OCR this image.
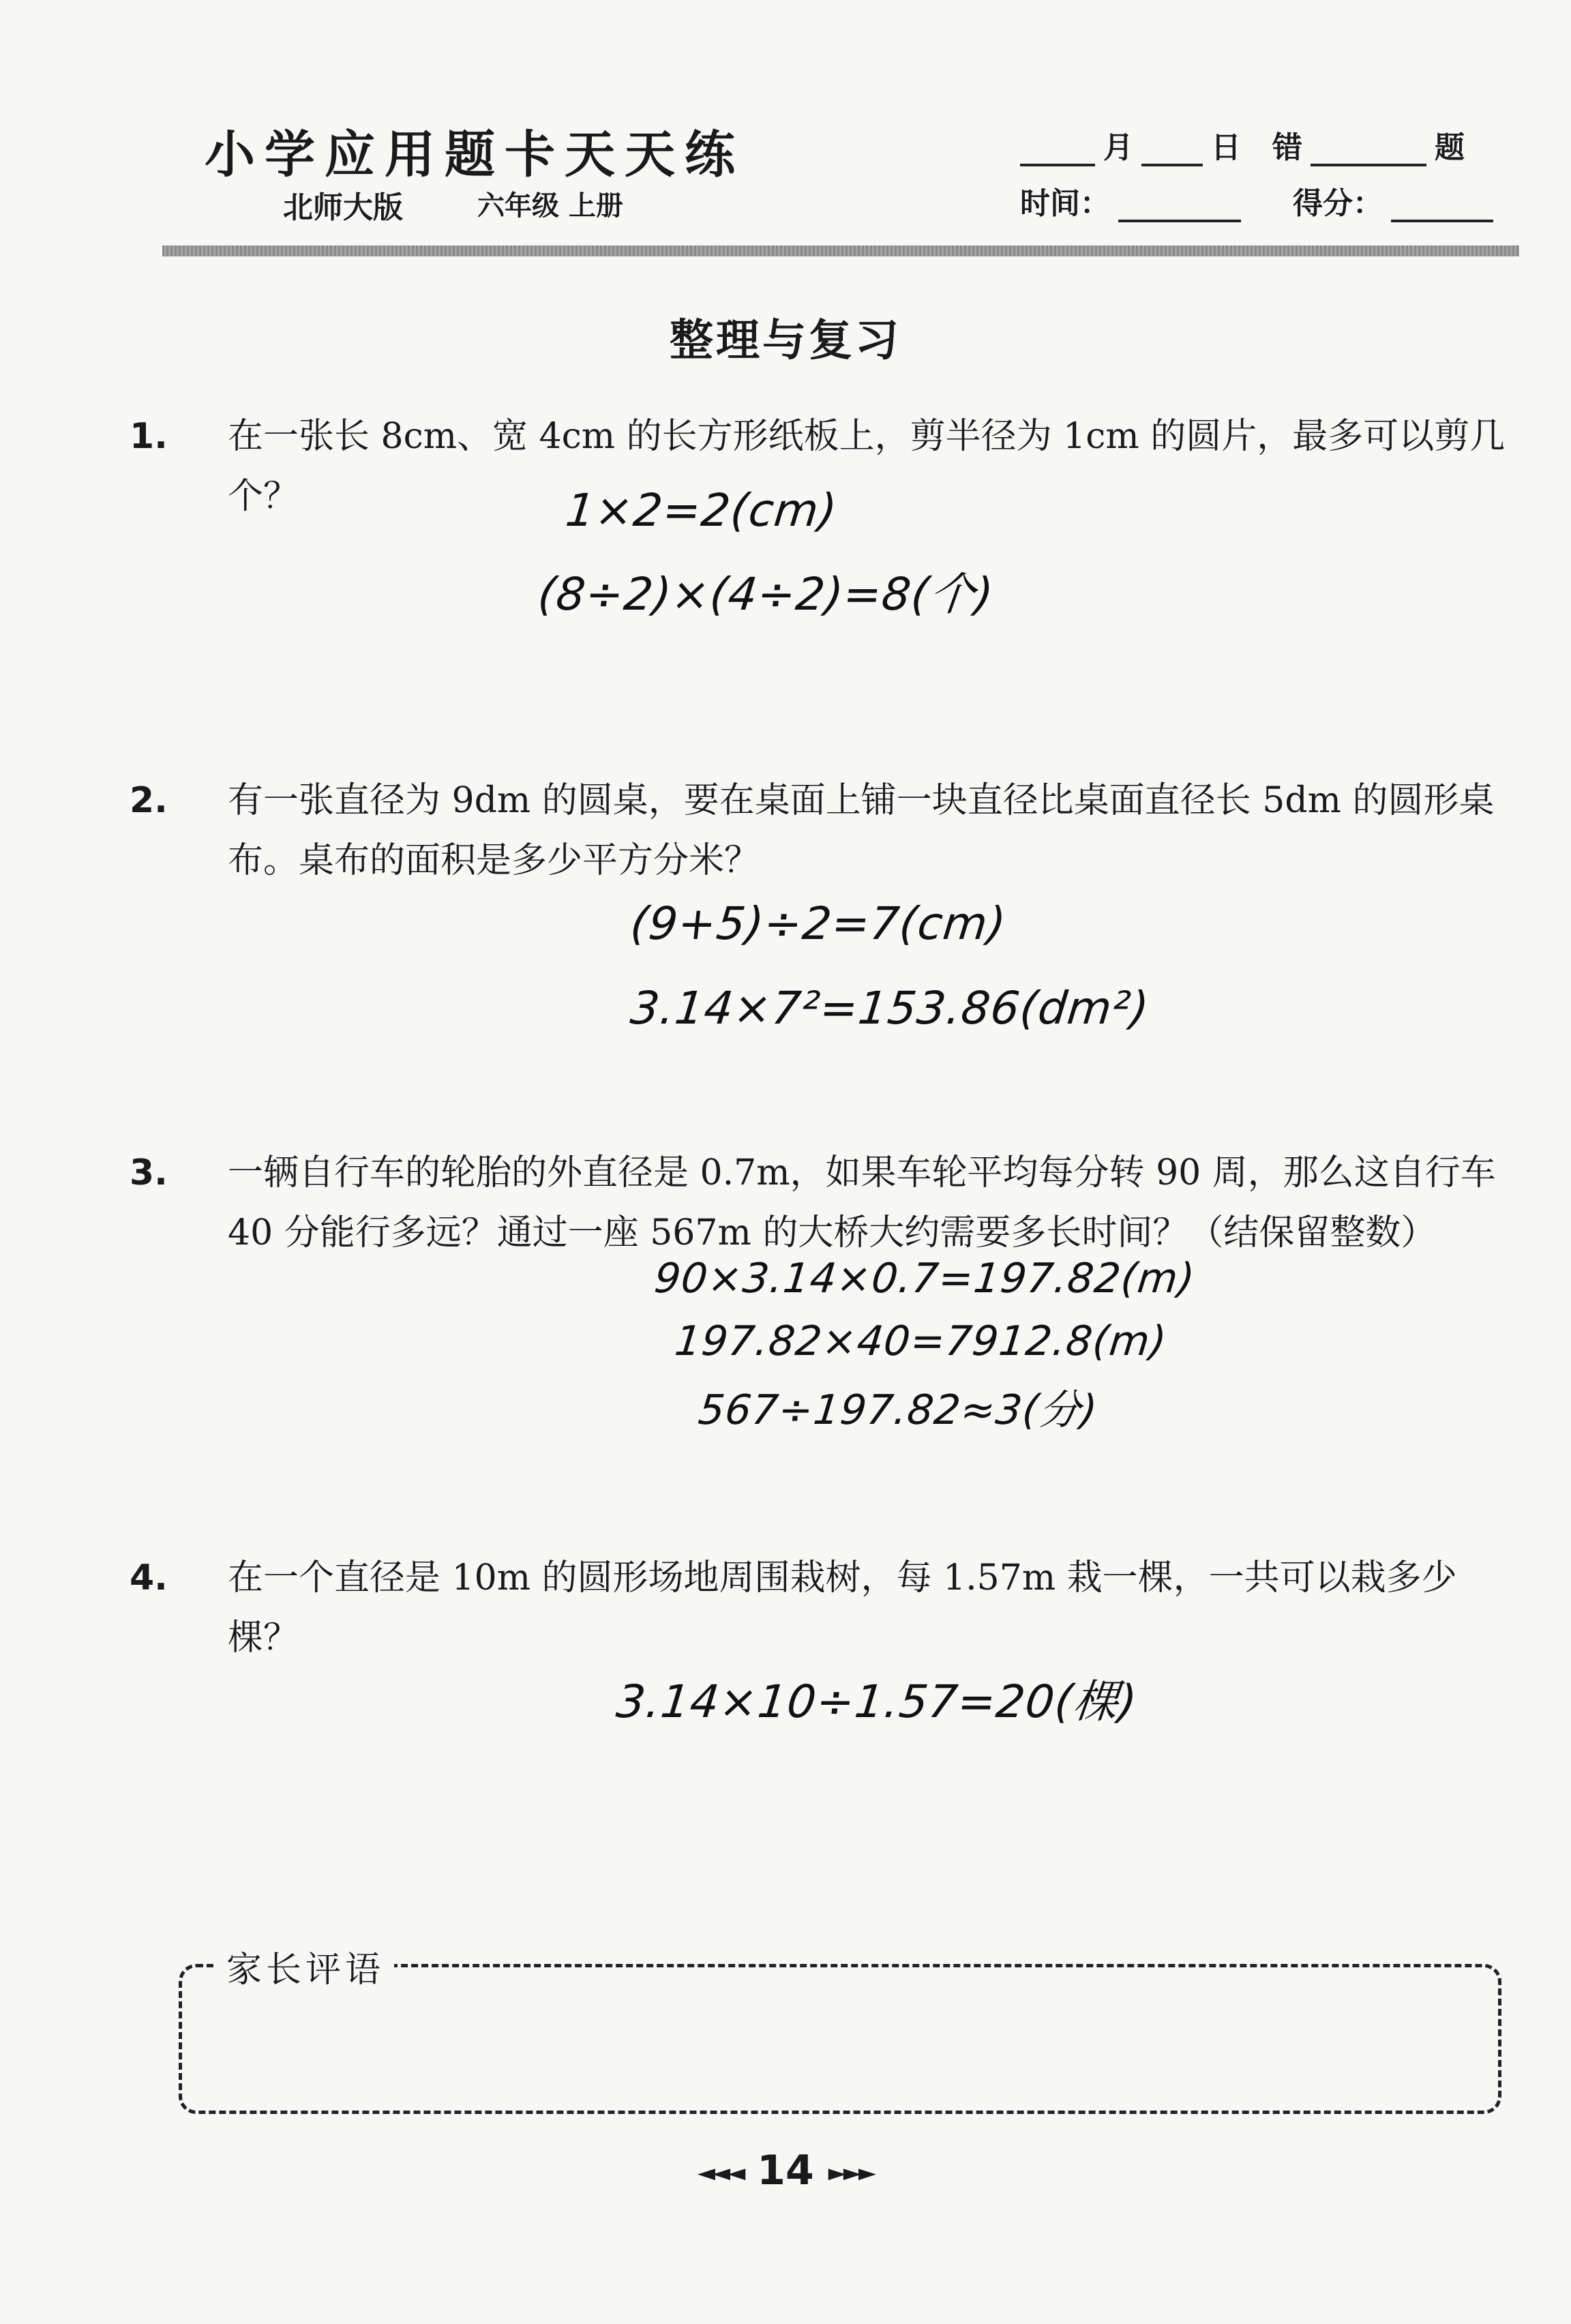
小学应用题卡天天练
北师大版	六年级 上册
月	日 错	题
时间：	得分：
整理与复习
1. 在一张长 8cm、宽 4cm 的长方形纸板上，剪半径为 1cm 的圆片，最多可以剪几个？	1×2=2(cm)
(8÷2)×(4÷2)=8(个)
2. 有一张直径为 9dm 的圆桌，要在桌面上铺一块直径比桌面直径长 5dm 的圆形桌布。桌布的面积是多少平方分米？
(9+5)÷2=7(cm)
3.14×7²=153.86(dm²)
3. 一辆自行车的轮胎的外直径是 0.7m，如果车轮平均每分转 90 周，那么这自行车 40 分能行多远？通过一座 567m 的大桥大约需要多长时间？（结保留整数）
90×3.14×0.7=197.82(m)
197.82×40=7912.8(m)
567÷197.82≈3(分)
4. 在一个直径是 10m 的圆形场地周围栽树，每 1.57m 栽一棵，一共可以栽多少棵？
3.14×10÷1.57=20(棵)
家长评语
◄◄◄ 14 ►►►
